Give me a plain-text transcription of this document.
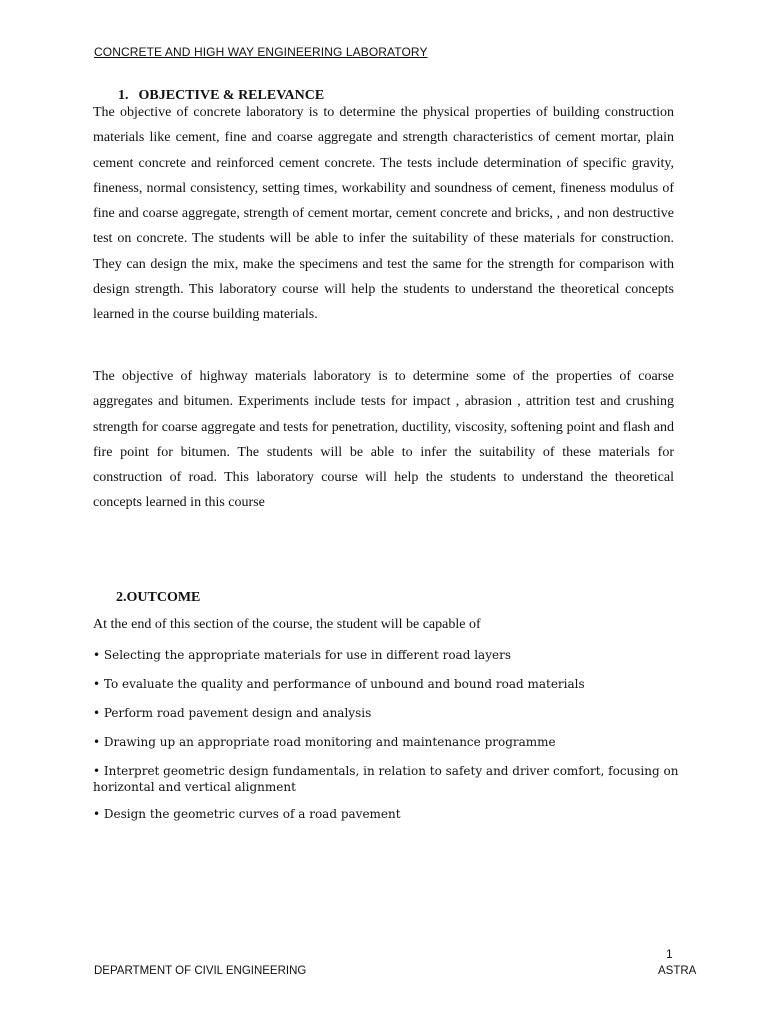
CONCRETE AND HIGH WAY ENGINEERING LABORATORY
1. OBJECTIVE & RELEVANCE

The objective of concrete laboratory is to determine the physical properties of building construction materials like cement, fine and coarse aggregate and strength characteristics of cement mortar, plain cement concrete and reinforced cement concrete. The tests include determination of specific gravity, fineness, normal consistency, setting times, workability and soundness of cement, fineness modulus of fine and coarse aggregate, strength of cement mortar, cement concrete and bricks, , and non destructive test on concrete. The students will be able to infer the suitability of these materials for construction. They can design the mix, make the specimens and test the same for the strength for comparison with design strength. This laboratory course will help the students to understand the theoretical concepts learned in the course building materials.

The objective of highway materials laboratory is to determine some of the properties of coarse aggregates and bitumen. Experiments include tests for impact , abrasion , attrition test and crushing strength for coarse aggregate and tests for penetration, ductility, viscosity, softening point and flash and fire point for bitumen. The students will be able to infer the suitability of these materials for construction of road. This laboratory course will help the students to understand the theoretical concepts learned in this course

2.OUTCOME
At the end of this section of the course, the student will be capable of
• Selecting the appropriate materials for use in different road layers
• To evaluate the quality and performance of unbound and bound road materials
• Perform road pavement design and analysis
• Drawing up an appropriate road monitoring and maintenance programme
• Interpret geometric design fundamentals, in relation to safety and driver comfort, focusing on horizontal and vertical alignment
• Design the geometric curves of a road pavement
1
DEPARTMENT OF CIVIL ENGINEERING	ASTRA
